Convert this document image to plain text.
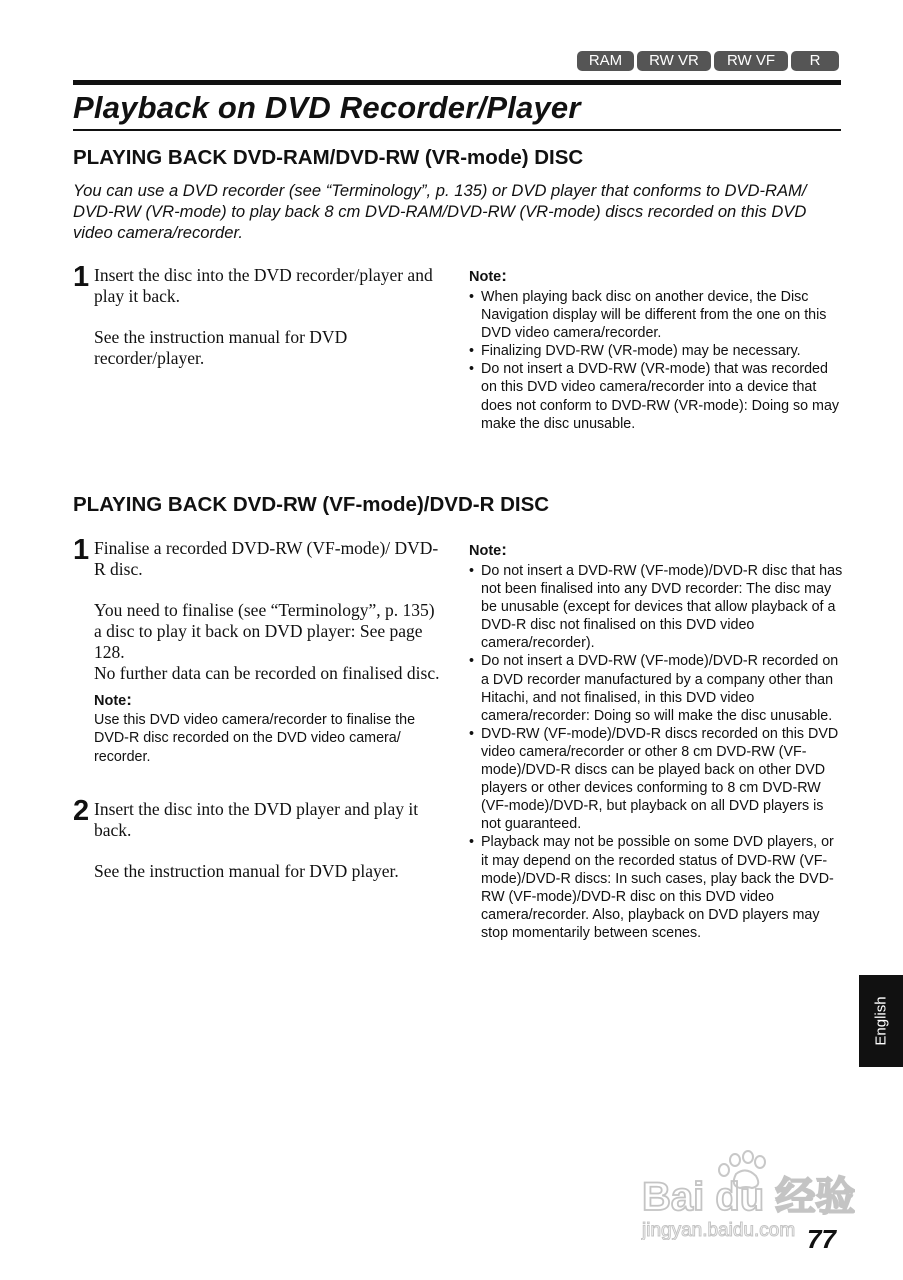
RAM	RW VR	RW VF	R
Playback on DVD Recorder/Player
PLAYING BACK DVD-RAM/DVD-RW (VR-mode) DISC
You can use a DVD recorder (see “Terminology”, p. 135) or DVD player that conforms to DVD-RAM/ DVD-RW (VR-mode) to play back 8 cm DVD-RAM/DVD-RW (VR-mode) discs recorded on this DVD video camera/recorder.
1 Insert the disc into the DVD recorder/player and play it back.

See the instruction manual for DVD recorder/player.

Note:
• When playing back disc on another device, the Disc Navigation display will be different from the one on this DVD video camera/recorder.
• Finalizing DVD-RW (VR-mode) may be necessary.
• Do not insert a DVD-RW (VR-mode) that was recorded on this DVD video camera/recorder into a device that does not conform to DVD-RW (VR-mode): Doing so may make the disc unusable.
PLAYING BACK DVD-RW (VF-mode)/DVD-R DISC
1 Finalise a recorded DVD-RW (VF-mode)/ DVD-R disc.

You need to finalise (see “Terminology”, p. 135) a disc to play it back on DVD player: See page 128.

No further data can be recorded on finalised disc.

Note:

Use this DVD video camera/recorder to finalise the DVD-R disc recorded on the DVD video camera/ recorder.

2 Insert the disc into the DVD player and play it back.

See the instruction manual for DVD player.

Note:
• Do not insert a DVD-RW (VF-mode)/DVD-R disc that has not been finalised into any DVD recorder: The disc may be unusable (except for devices that allow playback of a DVD-R disc not finalised on this DVD video camera/recorder).
• Do not insert a DVD-RW (VF-mode)/DVD-R recorded on a DVD recorder manufactured by a company other than Hitachi, and not finalised, in this DVD video camera/recorder: Doing so will make the disc unusable.
• DVD-RW (VF-mode)/DVD-R discs recorded on this DVD video camera/recorder or other 8 cm DVD-RW (VF-mode)/DVD-R discs can be played back on other DVD players or other devices conforming to 8 cm DVD-RW (VF-mode)/DVD-R, but playback on all DVD players is not guaranteed.
• Playback may not be possible on some DVD players, or it may depend on the recorded status of DVD-RW (VF-mode)/DVD-R discs: In such cases, play back the DVD-RW (VF-mode)/DVD-R disc on this DVD video camera/recorder. Also, playback on DVD players may stop momentarily between scenes.
English
Bai du 经验
jingyan.baidu.com 77
